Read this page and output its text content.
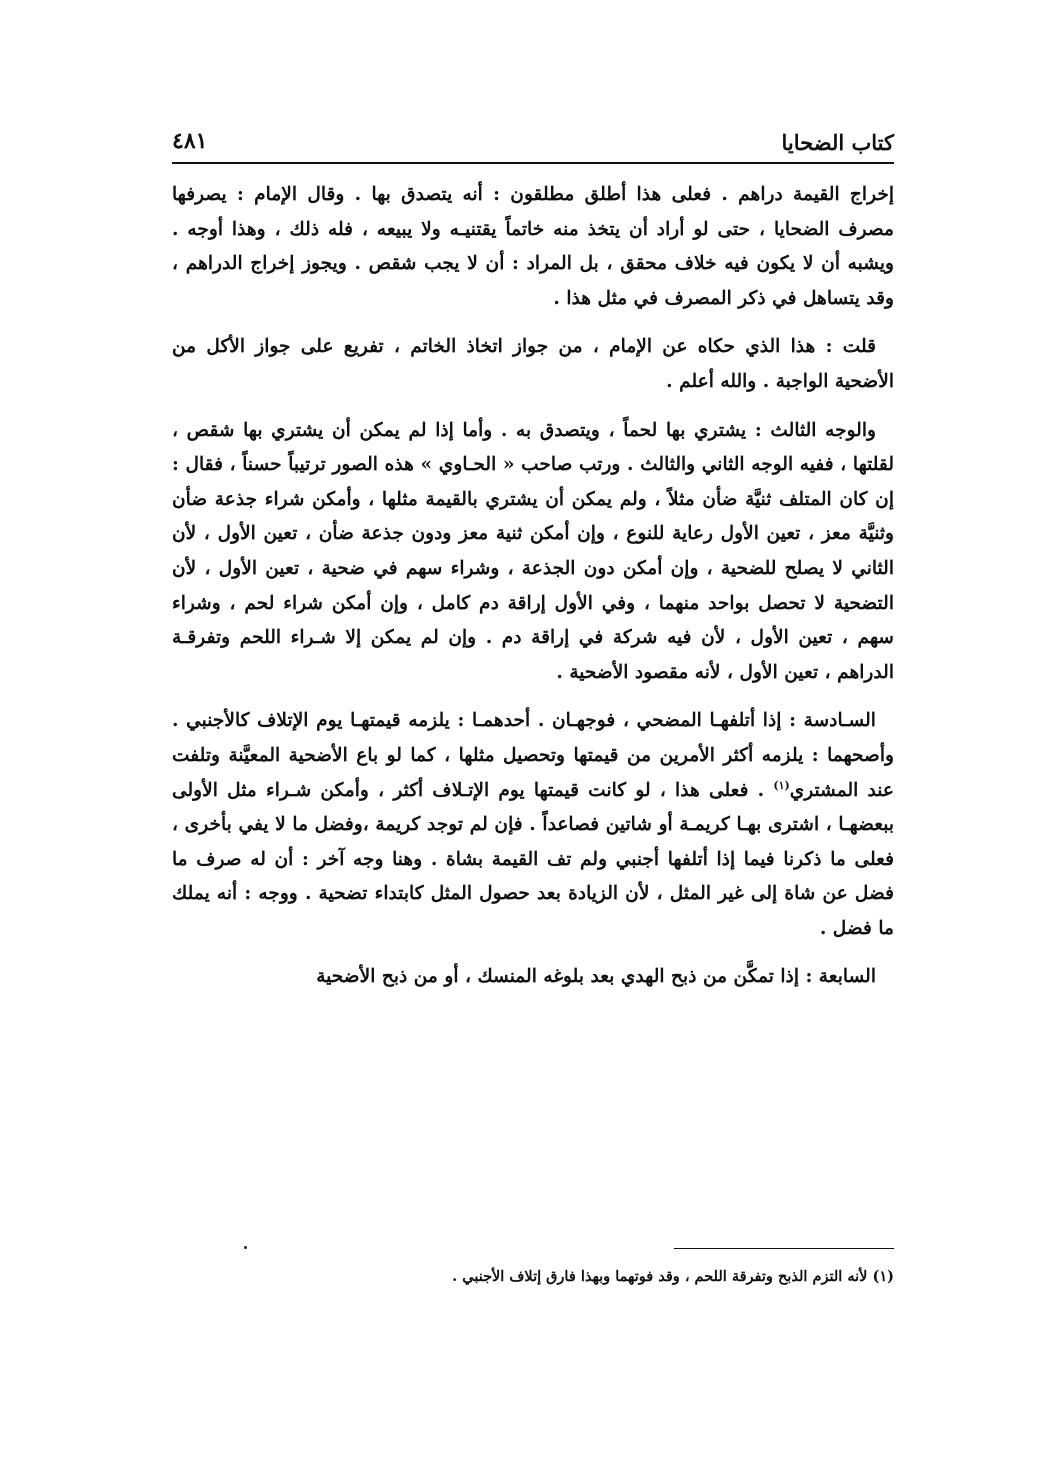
كتاب الضحايا
٤٨١

إخراج القيمة دراهم . فعلى هذا أطلق مطلقون : أنه يتصدق بها . وقال الإمام : يصرفها مصرف الضحايا ، حتى لو أراد أن يتخذ منه خاتماً يقتنيـه ولا يبيعه ، فله ذلك ، وهذا أوجه . ويشبه أن لا يكون فيه خلاف محقق ، بل المراد : أن لا يجب شقص . ويجوز إخراج الدراهم ، وقد يتساهل في ذكر المصرف في مثل هذا .

قلت : هذا الذي حكاه عن الإمام ، من جواز اتخاذ الخاتم ، تفريع على جواز الأكل من الأضحية الواجبة . والله أعلم .

والوجه الثالث : يشتري بها لحماً ، ويتصدق به . وأما إذا لم يمكن أن يشتري بها شقص ، لقلتها ، ففيه الوجه الثاني والثالث . ورتب صاحب « الحـاوي » هذه الصور ترتيباً حسناً ، فقال : إن كان المتلف ثنيَّة ضأن مثلاً ، ولم يمكن أن يشتري بالقيمة مثلها ، وأمكن شراء جذعة ضأن وثنيَّة معز ، تعين الأول رعاية للنوع ، وإن أمكن ثنية معز ودون جذعة ضأن ، تعين الأول ، لأن الثاني لا يصلح للضحية ، وإن أمكن دون الجذعة ، وشراء سهم في ضحية ، تعين الأول ، لأن التضحية لا تحصل بواحد منهما ، وفي الأول إراقة دم كامل ، وإن أمكن شراء لحم ، وشراء سهم ، تعين الأول ، لأن فيه شركة في إراقة دم . وإن لم يمكن إلا شـراء اللحم وتفرقـة الدراهم ، تعين الأول ، لأنه مقصود الأضحية .

السـادسة : إذا أتلفهـا المضحي ، فوجهـان . أحدهمـا : يلزمه قيمتهـا يوم الإتلاف كالأجنبي . وأصحهما : يلزمه أكثر الأمرين من قيمتها وتحصيل مثلها ، كما لو باع الأضحية المعيَّنة وتلفت عند المشتري$^{(١)}$ . فعلى هذا ، لو كانت قيمتها يوم الإتـلاف أكثر ، وأمكن شـراء مثل الأولى ببعضهـا ، اشترى بهـا كريمـة أو شاتين فصاعداً . فإن لم توجد كريمة ،وفضل ما لا يفي بأخرى ، فعلى ما ذكرنا فيما إذا أتلفها أجنبي ولم تف القيمة بشاة . وهنا وجه آخر : أن له صرف ما فضل عن شاة إلى غير المثل ، لأن الزيادة بعد حصول المثل كابتداء تضحية . ووجه : أنه يملك ما فضل .

السابعة : إذا تمكَّن من ذبح الهدي بعد بلوغه المنسك ، أو من ذبح الأضحية

(١) لأنه التزم الذبح وتفرقة اللحم ، وقد فوتهما وبهذا فارق إتلاف الأجنبي .
